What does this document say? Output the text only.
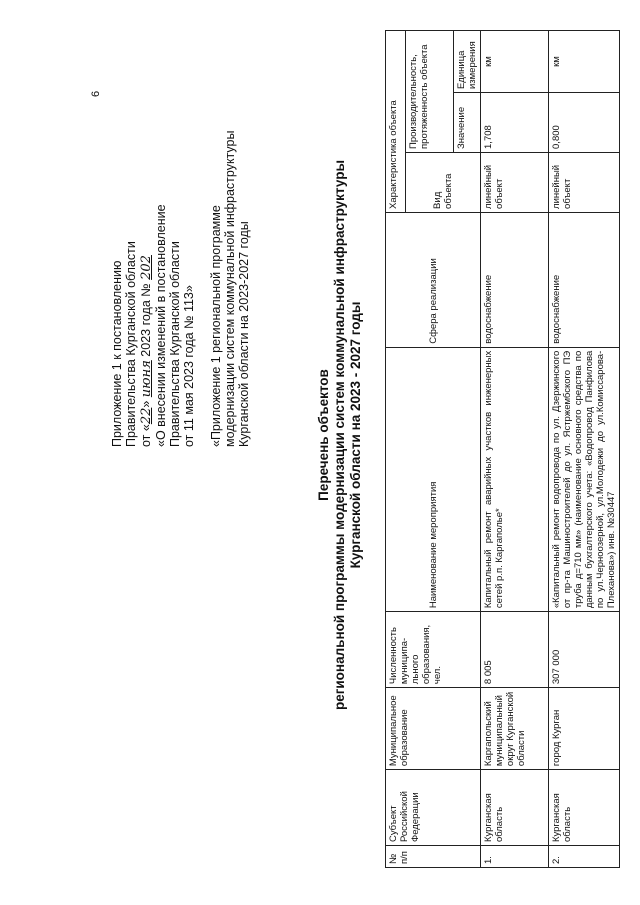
6
Приложение 1 к постановлению Правительства Курганской области от «22» июня 2023 года № 202 «О внесении изменений в постановление Правительства Курганской области от 11 мая 2023 года № 113» «Приложение 1 региональной программе модернизации систем коммунальной инфраструктуры Курганской области на 2023-2027 годы	Перечень объектов региональной программы модернизации систем коммунальной инфраструктуры Курганской области на 2023 - 2027 годы
№ п/п	Субъект Российской Федерации	Муниципальное образование	Численность муниципа-льного образования, чел.	Наименование мероприятия	Сфера реализации	Характеристика объекта		
						Вид объекта	Производительность, протяженность объекта	
							Значение	Единица измерения
1.	Курганская область	Каргапольский муниципальный округ Курганской области	8 005	Капитальный ремонт аварийных участков инженерных сетей р.п. Каргаполье*	водоснабжение	линейный объект	1,708	км
2.	Курганская область	город Курган	307 000	«Капитальный ремонт водопровода по ул. Дзержинского от пр-та Машиностроителей до ул. Ястржембского ПЭ труба д=710 мм» (наименование основного средства по данным бухгалтерского учета: «Водопровод Панфилова по ул.Черноозерной, ул.Молодежи до ул.Комиссарова-Плеханова») инв. №30447	водоснабжение	линейный объект	0,800	км
